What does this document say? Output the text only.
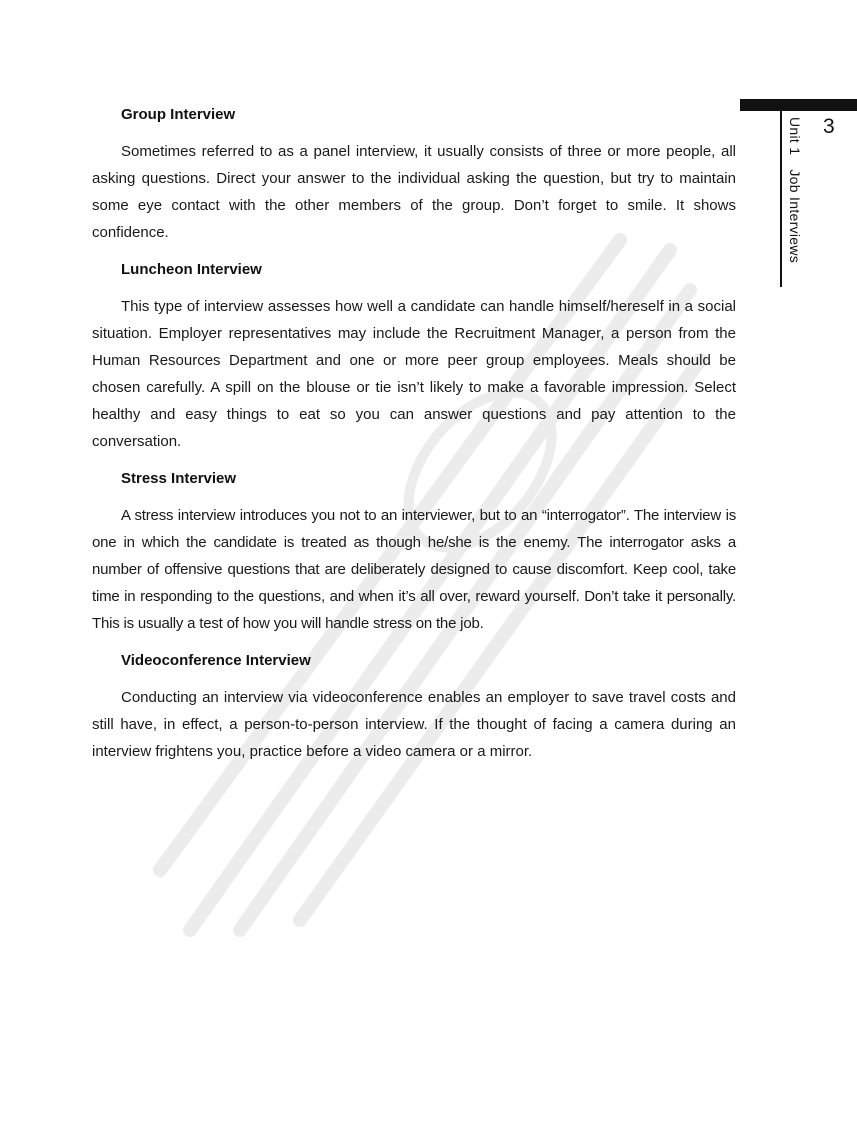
3
Unit 1Job Interviews
Group Interview

Sometimes referred to as a panel interview, it usually consists of three or more people, all asking questions. Direct your answer to the individual asking the question, but try to maintain some eye contact with the other members of the group. Don’t forget to smile. It shows confidence.

Luncheon Interview

This type of interview assesses how well a candidate can handle himself/hereself in a social situation. Employer representatives may include the Recruitment Manager, a person from the Human Resources Department and one or more peer group employees. Meals should be chosen carefully. A spill on the blouse or tie isn’t likely to make a favorable impression. Select healthy and easy things to eat so you can answer questions and pay attention to the conversation.

Stress Interview

A stress interview introduces you not to an interviewer, but to an “interrogator”. The interview is one in which the candidate is treated as though he/she is the enemy. The interrogator asks a number of offensive questions that are deliberately designed to cause discomfort. Keep cool, take time in responding to the questions, and when it’s all over, reward yourself. Don’t take it personally. This is usually a test of how you will handle stress on the job.

Videoconference Interview

Conducting an interview via videoconference enables an employer to save travel costs and still have, in effect, a person-to-person interview. If the thought of facing a camera during an interview frightens you, practice before a video camera or a mirror.
